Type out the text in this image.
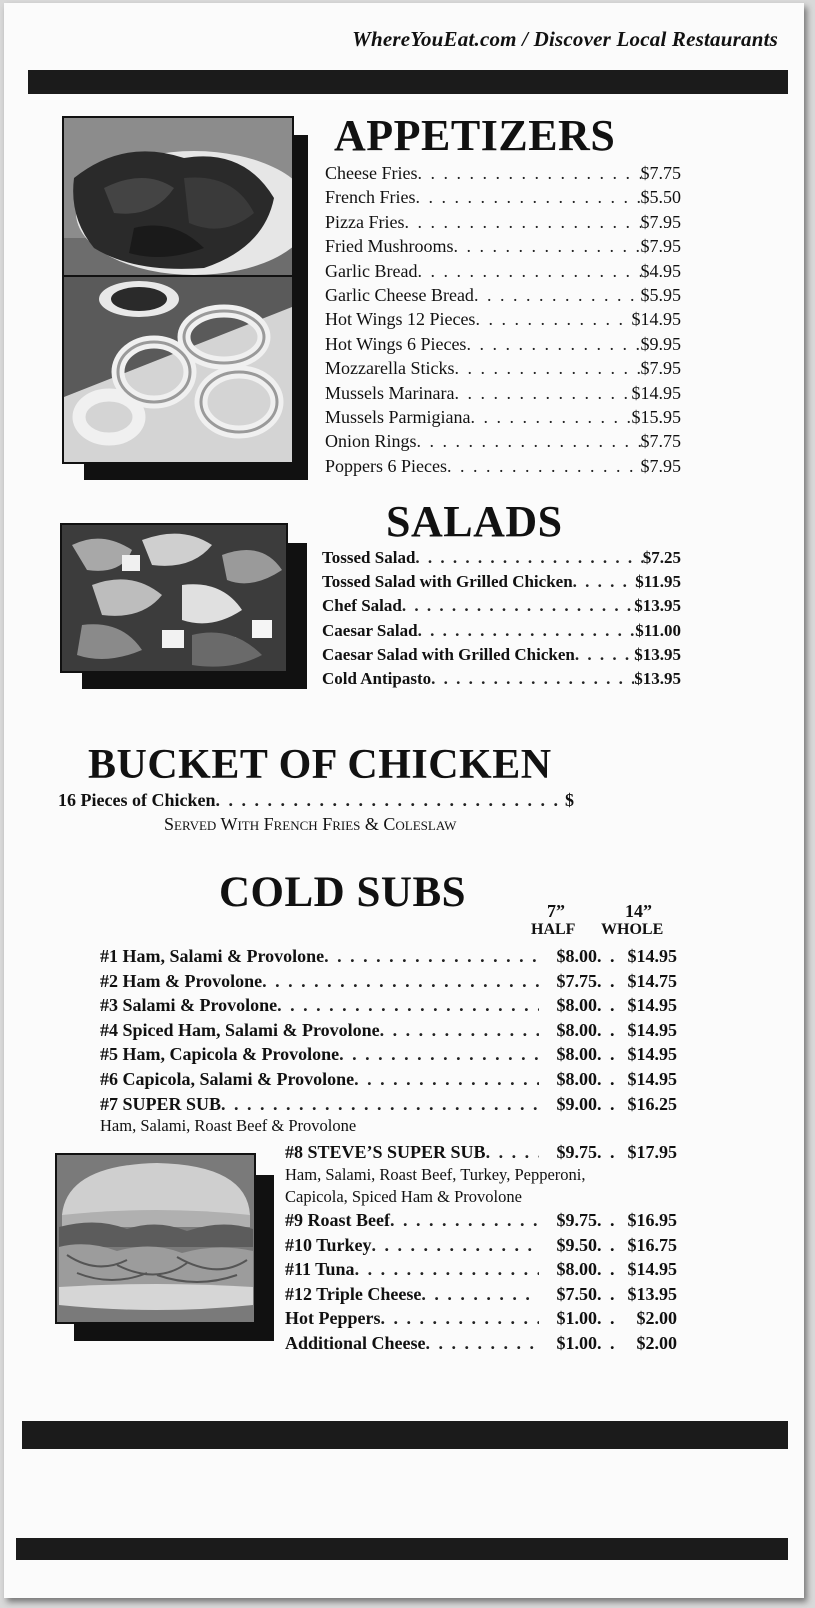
WhereYouEat.com / Discover Local Restaurants
APPETIZERS
Cheese Fries . . .	$7.75
French Fries . . .	$5.50
Pizza Fries . . .	$7.95
Fried Mushrooms . . .	$7.95
Garlic Bread . . .	$4.95
Garlic Cheese Bread . . .	$5.95
Hot Wings 12 Pieces . . .	$14.95
Hot Wings 6 Pieces . . .	$9.95
Mozzarella Sticks . . .	$7.95
Mussels Marinara . . .	$14.95
Mussels Parmigiana . . .	$15.95
Onion Rings . . .	$7.75
Poppers 6 Pieces . . .	$7.95
SALADS
Tossed Salad . . .	$7.25
Tossed Salad with Grilled Chicken . . .	$11.95
Chef Salad . . .	$13.95
Caesar Salad . . .	$11.00
Caesar Salad with Grilled Chicken . . .	$13.95
Cold Antipasto . . .	$13.95
BUCKET OF CHICKEN
16 Pieces of Chicken . . .	$
Served With French Fries & Coleslaw
COLD SUBS	7”	14”
HALF WHOLE
#1 Ham, Salami & Provolone . . .	$8.00 . . .	$14.95
#2 Ham & Provolone . . .	$7.75 . . .	$14.75
#3 Salami & Provolone . . .	$8.00 . . .	$14.95
#4 Spiced Ham, Salami & Provolone . . .	$8.00 . . .	$14.95
#5 Ham, Capicola & Provolone . . .	$8.00 . . .	$14.95
#6 Capicola, Salami & Provolone . . .	$8.00 . . .	$14.95
#7 SUPER SUB . . .	$9.00 . . .	$16.25
Ham, Salami, Roast Beef & Provolone
#8 STEVE’S SUPER SUB . . .	$9.75 . . .	$17.95
Ham, Salami, Roast Beef, Turkey, Pepperoni,
Capicola, Spiced Ham & Provolone
#9 Roast Beef . . .	$9.75 . . .	$16.95
#10 Turkey . . .	$9.50 . . .	$16.75
#11 Tuna . . .	$8.00 . . .	$14.95
#12 Triple Cheese . . .	$7.50 . . .	$13.95
Hot Peppers . . .	$1.00 . . .	$2.00
Additional Cheese . . .	$1.00 . . .	$2.00
